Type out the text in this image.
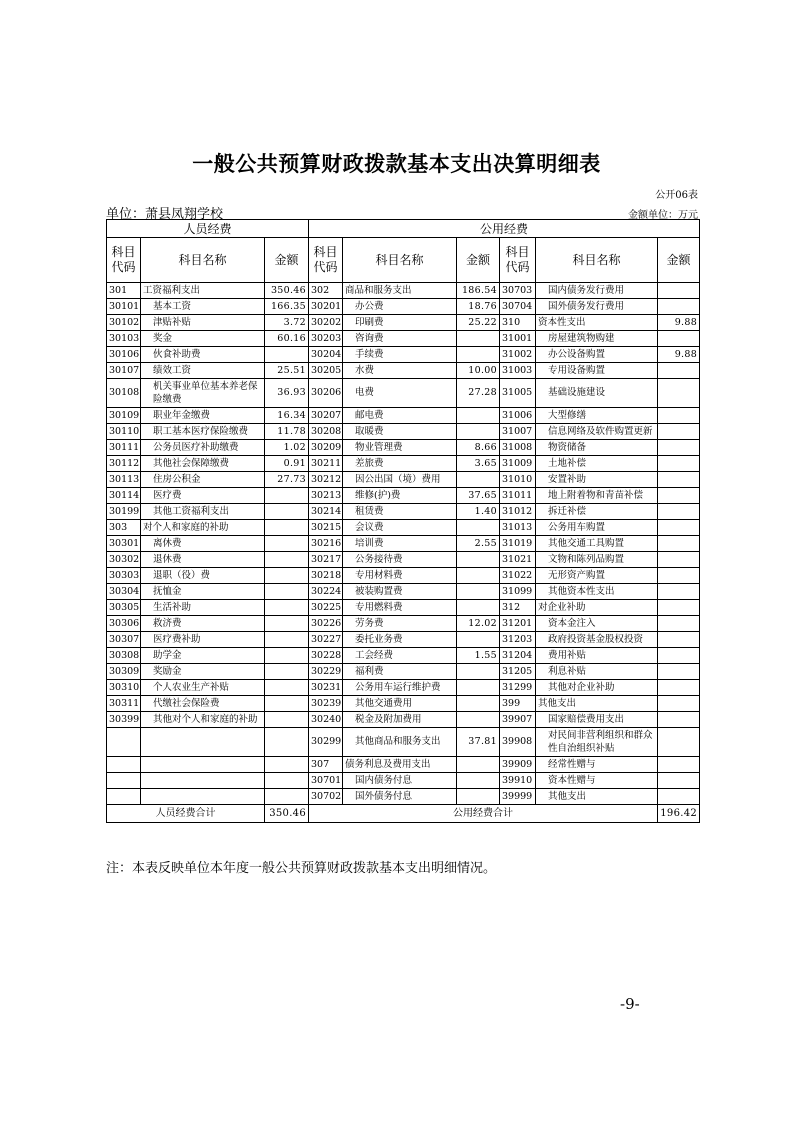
一般公共预算财政拨款基本支出决算明细表
公开06表
单位：萧县凤翔学校	金额单位：万元
人员经费			公用经费					
科目代码	科目名称	金额	科目代码	科目名称	金额	科目代码	科目名称	金额
301	工资福利支出	350.46	302	商品和服务支出	186.54	30703	国内债务发行费用	
30101	基本工资	166.35	30201	办公费	18.76	30704	国外债务发行费用	
30102	津贴补贴	3.72	30202	印刷费	25.22	310	资本性支出	9.88
30103	奖金	60.16	30203	咨询费		31001	房屋建筑物购建	
30106	伙食补助费		30204	手续费		31002	办公设备购置	9.88
30107	绩效工资	25.51	30205	水费	10.00	31003	专用设备购置	
30108	机关事业单位基本养老保险缴费	36.93	30206	电费	27.28	31005	基础设施建设	
30109	职业年金缴费	16.34	30207	邮电费		31006	大型修缮	
30110	职工基本医疗保险缴费	11.78	30208	取暖费		31007	信息网络及软件购置更新	
30111	公务员医疗补助缴费	1.02	30209	物业管理费	8.66	31008	物资储备	
30112	其他社会保障缴费	0.91	30211	差旅费	3.65	31009	土地补偿	
30113	住房公积金	27.73	30212	因公出国（境）费用		31010	安置补助	
30114	医疗费		30213	维修(护)费	37.65	31011	地上附着物和青苗补偿	
30199	其他工资福利支出		30214	租赁费	1.40	31012	拆迁补偿	
303	对个人和家庭的补助		30215	会议费		31013	公务用车购置	
30301	离休费		30216	培训费	2.55	31019	其他交通工具购置	
30302	退休费		30217	公务接待费		31021	文物和陈列品购置	
30303	退职（役）费		30218	专用材料费		31022	无形资产购置	
30304	抚恤金		30224	被装购置费		31099	其他资本性支出	
30305	生活补助		30225	专用燃料费		312	对企业补助	
30306	救济费		30226	劳务费	12.02	31201	资本金注入	
30307	医疗费补助		30227	委托业务费		31203	政府投资基金股权投资	
30308	助学金		30228	工会经费	1.55	31204	费用补贴	
30309	奖励金		30229	福利费		31205	利息补贴	
30310	个人农业生产补贴		30231	公务用车运行维护费		31299	其他对企业补助	
30311	代缴社会保险费		30239	其他交通费用		399	其他支出	
30399	其他对个人和家庭的补助		30240	税金及附加费用		39907	国家赔偿费用支出	
			30299	其他商品和服务支出	37.81	39908	对民间非营利组织和群众性自治组织补贴	
			307	债务利息及费用支出		39909	经常性赠与	
			30701	国内债务付息		39910	资本性赠与	
			30702	国外债务付息		39999	其他支出	
人员经费合计		350.46	公用经费合计					196.42
注：本表反映单位本年度一般公共预算财政拨款基本支出明细情况。
-9-
